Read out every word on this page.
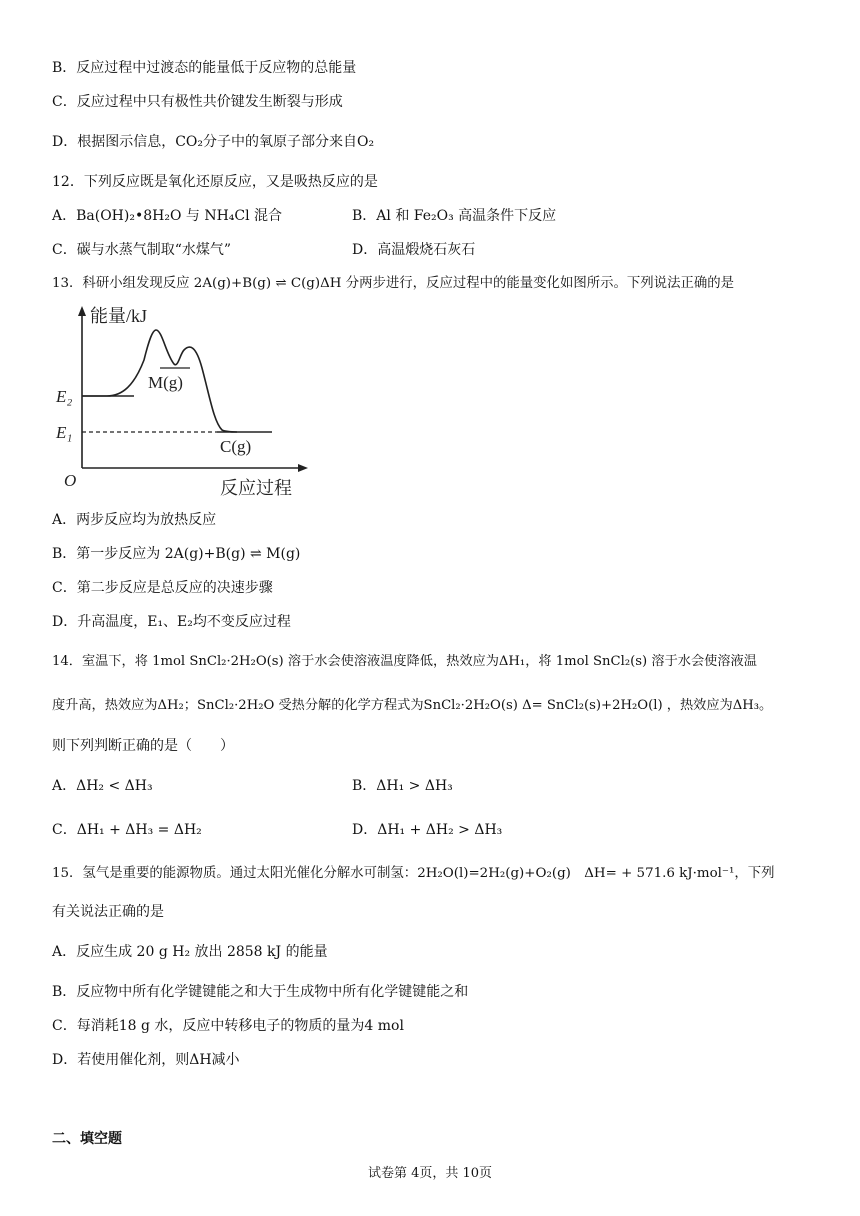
B．反应过程中过渡态的能量低于反应物的总能量
C．反应过程中只有极性共价键发生断裂与形成
D．根据图示信息，CO₂分子中的氧原子部分来自O₂
12．下列反应既是氧化还原反应，又是吸热反应的是
A．Ba(OH)₂•8H₂O 与 NH₄Cl 混合	B．Al 和 Fe₂O₃ 高温条件下反应
C．碳与水蒸气制取“水煤气”	D．高温煅烧石灰石
13．科研小组发现反应 2A(g)+B(g) ⇌ C(g)ΔH 分两步进行，反应过程中的能量变化如图所示。下列说法正确的是
能量/kJ
反应过程
O
E₂
E₁
M(g)
C(g)
A．两步反应均为放热反应
B．第一步反应为 2A(g)+B(g) ⇌ M(g)
C．第二步反应是总反应的决速步骤
D．升高温度，E₁、E₂均不变反应过程
14．室温下，将 1mol SnCl₂·2H₂O(s) 溶于水会使溶液温度降低，热效应为ΔH₁，将 1mol SnCl₂(s) 溶于水会使溶液温
度升高，热效应为ΔH₂；SnCl₂·2H₂O 受热分解的化学方程式为SnCl₂·2H₂O(s) Δ= SnCl₂(s)+2H₂O(l) ，热效应为ΔH₃。
则下列判断正确的是（　　）
A．ΔH₂ < ΔH₃	B．ΔH₁ > ΔH₃
C．ΔH₁ + ΔH₃ = ΔH₂	D．ΔH₁ + ΔH₂ > ΔH₃
15．氢气是重要的能源物质。通过太阳光催化分解水可制氢：2H₂O(l)=2H₂(g)+O₂(g)　ΔH= + 571.6 kJ·mol⁻¹，下列
有关说法正确的是
A．反应生成 20 g H₂ 放出 2858 kJ 的能量
B．反应物中所有化学键键能之和大于生成物中所有化学键键能之和
C．每消耗18 g 水，反应中转移电子的物质的量为4 mol
D．若使用催化剂，则ΔH减小
二、填空题
试卷第 4页，共 10页
